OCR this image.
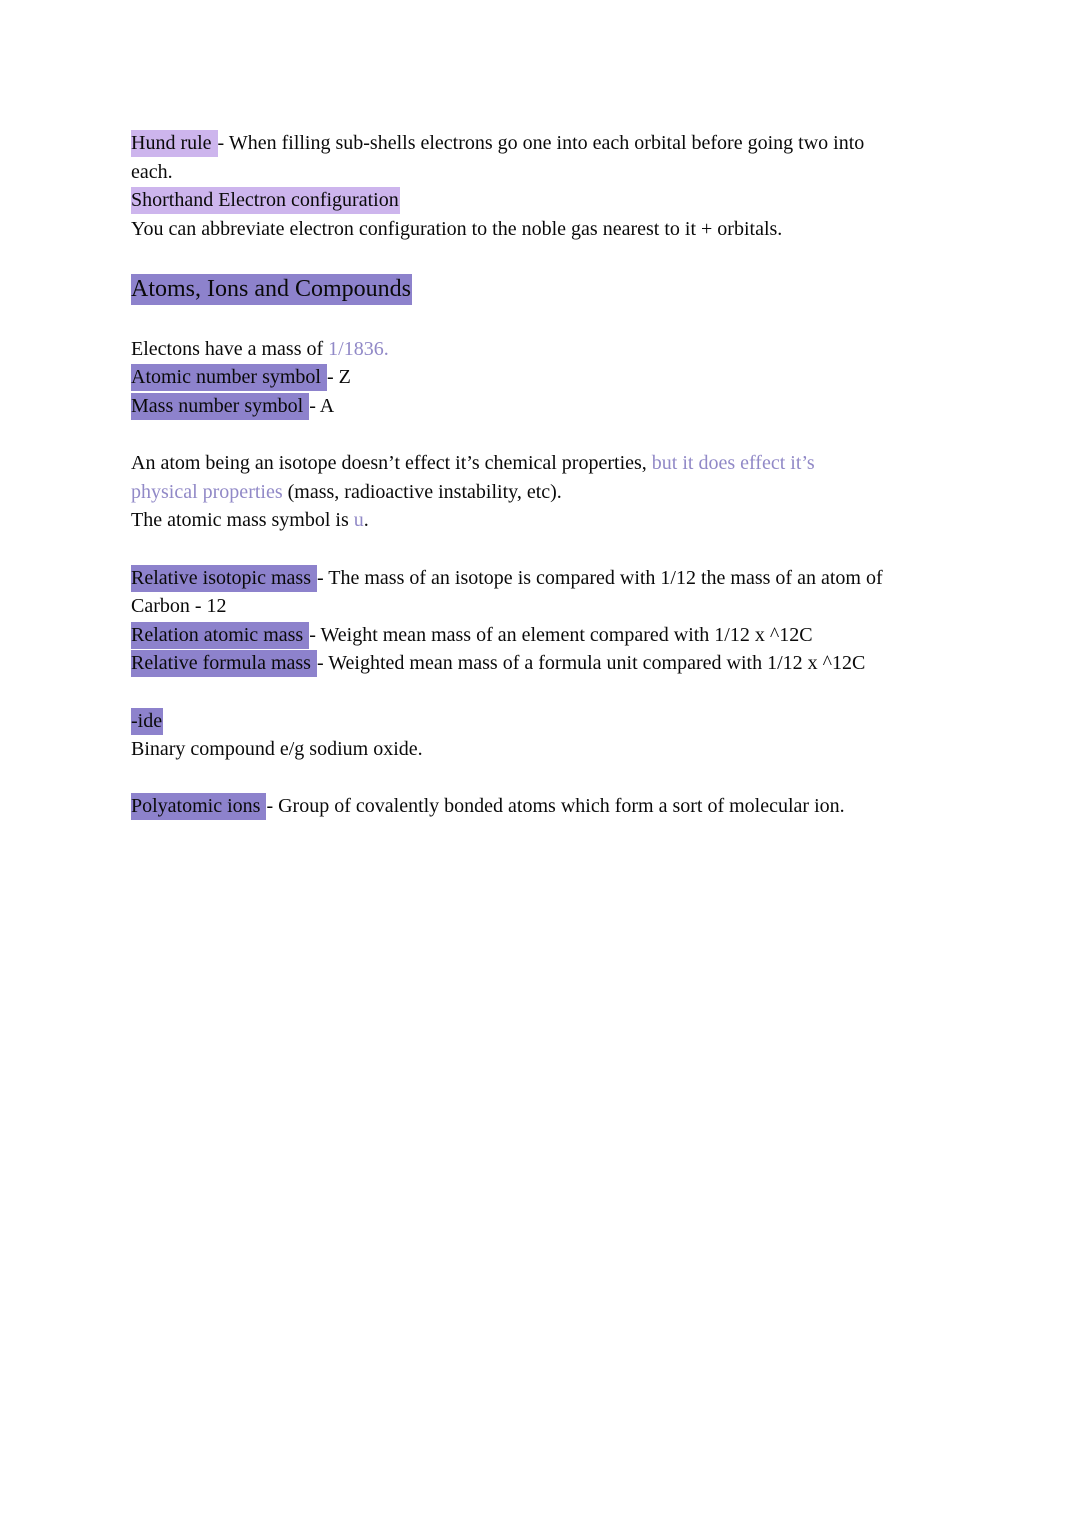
Hund rule - When filling sub-shells electrons go one into each orbital before going two into
each.
Shorthand Electron configuration
You can abbreviate electron configuration to the noble gas nearest to it + orbitals.
Atoms, Ions and Compounds
Electons have a mass of 1/1836.
Atomic number symbol - Z
Mass number symbol - A
An atom being an isotope doesn’t effect it’s chemical properties, but it does effect it’s
physical properties (mass, radioactive instability, etc).
The atomic mass symbol is u.
Relative isotopic mass - The mass of an isotope is compared with 1/12 the mass of an atom of
Carbon - 12
Relation atomic mass - Weight mean mass of an element compared with 1/12 x ^12C
Relative formula mass - Weighted mean mass of a formula unit compared with 1/12 x ^12C
-ide
Binary compound e/g sodium oxide.
Polyatomic ions - Group of covalently bonded atoms which form a sort of molecular ion.
